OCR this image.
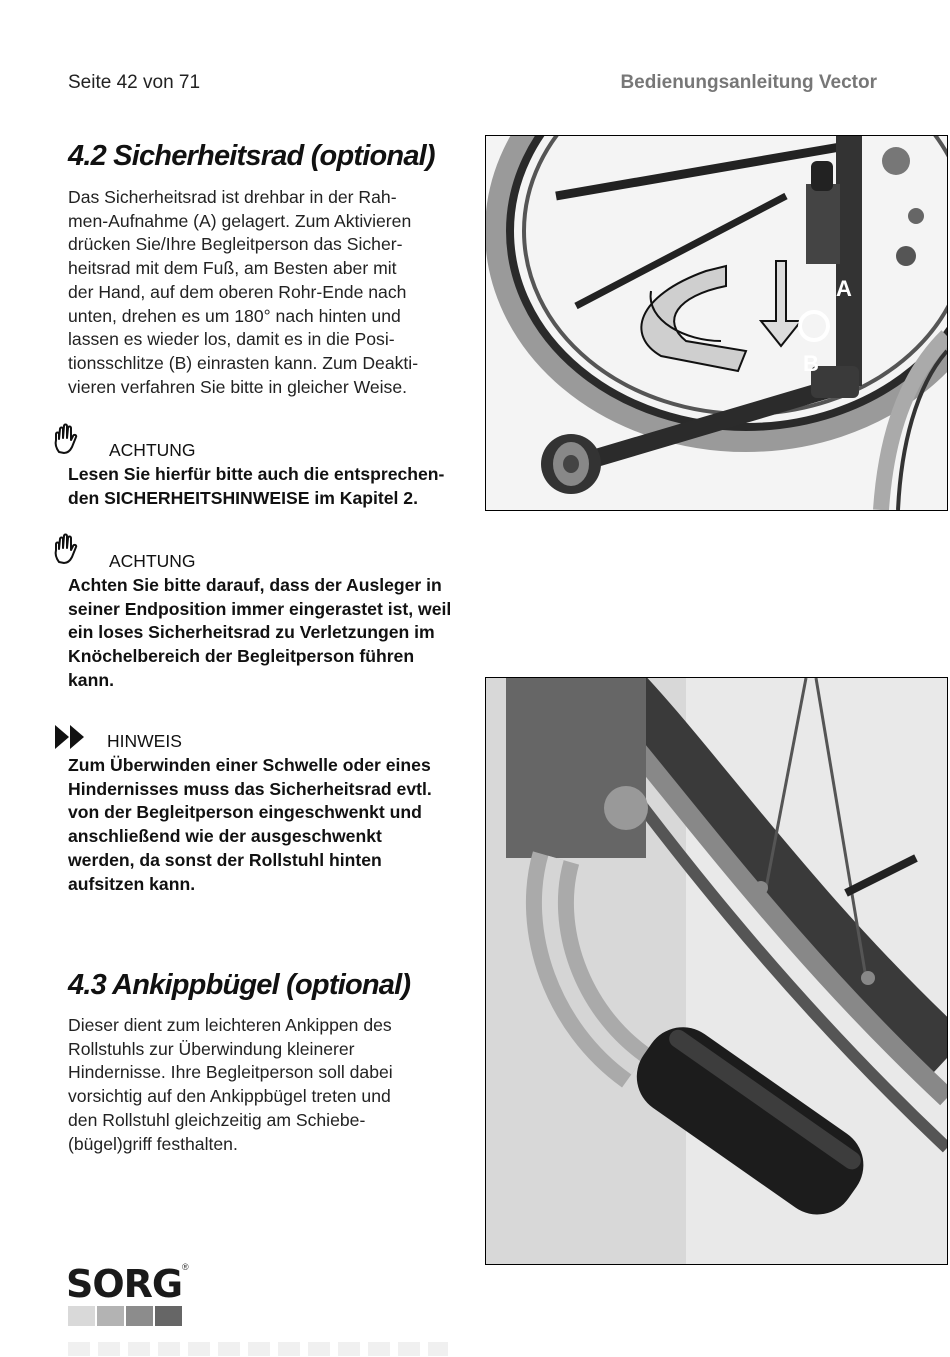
Seite 42 von 71	Bedienungsanleitung Vector
4.2 Sicherheitsrad (optional)

Das Sicherheitsrad ist drehbar in der Rah-
men-Aufnahme (A) gelagert. Zum Aktivieren
drücken Sie/Ihre Begleitperson das Sicher-
heitsrad mit dem Fuß, am Besten aber mit
der Hand, auf dem oberen Rohr-Ende nach
unten, drehen es um 180° nach hinten und
lassen es wieder los, damit es in die Posi-
tionsschlitze (B) einrasten kann. Zum Deakti-
vieren verfahren Sie bitte in gleicher Weise.

ACHTUNG

Lesen Sie hierfür bitte auch die entsprechen-
den SICHERHEITSHINWEISE im Kapitel 2.

ACHTUNG

Achten Sie bitte darauf, dass der Ausleger in
seiner Endposition immer eingerastet ist, weil
ein loses Sicherheitsrad zu Verletzungen im
Knöchelbereich der Begleitperson führen
kann.

HINWEIS

Zum Überwinden einer Schwelle oder eines
Hindernisses muss das Sicherheitsrad evtl.
von der Begleitperson eingeschwenkt und
anschließend wie der ausgeschwenkt
werden, da sonst der Rollstuhl hinten
aufsitzen kann.

4.3 Ankippbügel (optional)

Dieser dient zum leichteren Ankippen des
Rollstuhls zur Überwindung kleinerer
Hindernisse. Ihre Begleitperson soll dabei
vorsichtig auf den Ankippbügel treten und
den Rollstuhl gleichzeitig am Schiebe-
(bügel)griff festhalten.

A
B
SORG ®
